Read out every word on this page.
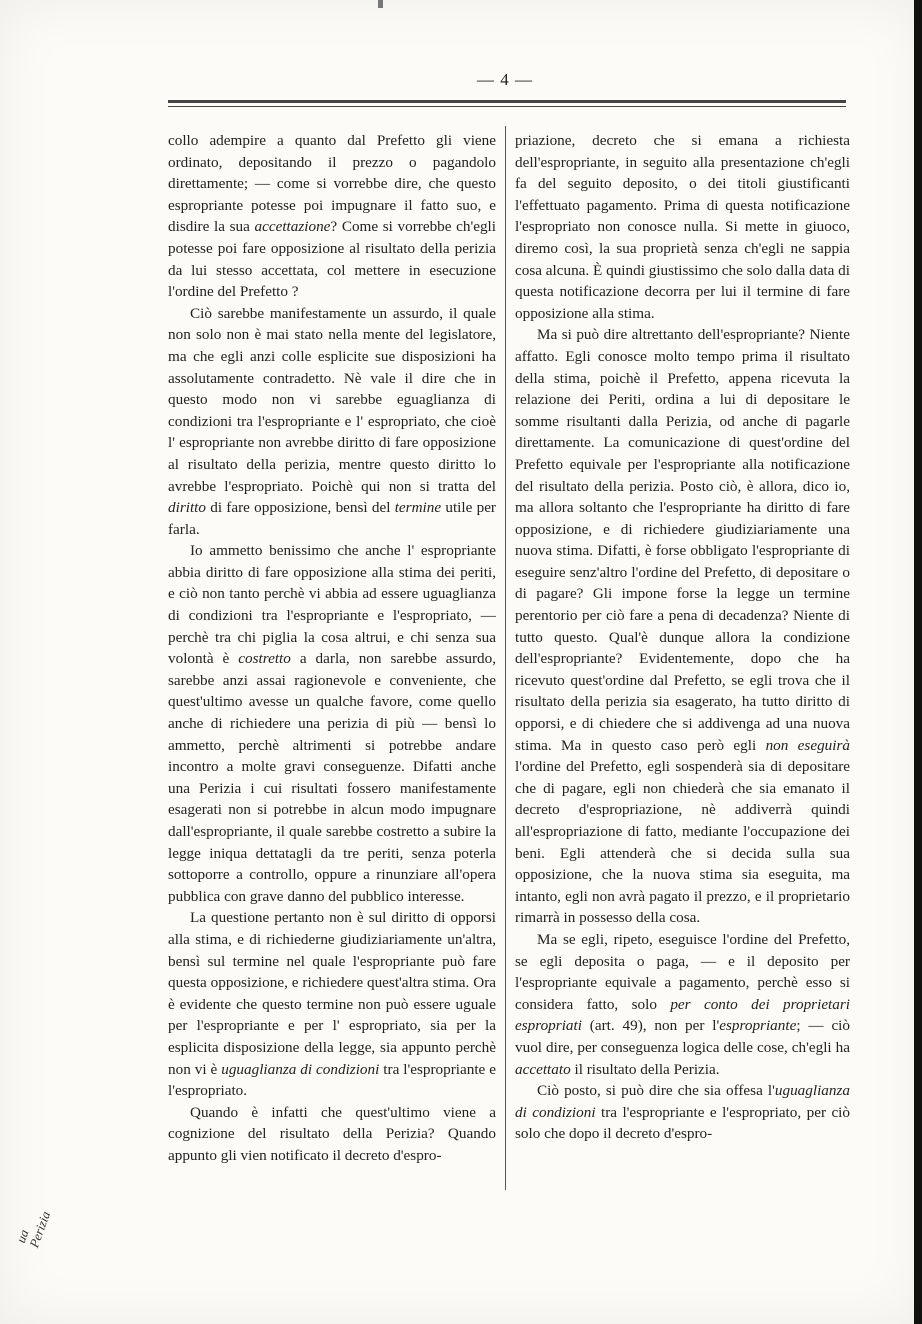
— 4 —

collo adempire a quanto dal Prefetto gli viene ordinato, depositando il prezzo o pagandolo direttamente; — come si vorrebbe dire, che questo espropriante potesse poi impugnare il fatto suo, e disdire la sua accettazione? Come si vorrebbe ch'egli potesse poi fare opposizione al risultato della perizia da lui stesso accettata, col mettere in esecuzione l'ordine del Prefetto ?

Ciò sarebbe manifestamente un assurdo, il quale non solo non è mai stato nella mente del legislatore, ma che egli anzi colle esplicite sue disposizioni ha assolutamente contradetto. Nè vale il dire che in questo modo non vi sarebbe eguaglianza di condizioni tra l'espropriante e l' espropriato, che cioè l' espropriante non avrebbe diritto di fare opposizione al risultato della perizia, mentre questo diritto lo avrebbe l'espropriato. Poichè qui non si tratta del diritto di fare opposizione, bensì del termine utile per farla.

Io ammetto benissimo che anche l' espropriante abbia diritto di fare opposizione alla stima dei periti, e ciò non tanto perchè vi abbia ad essere uguaglianza di condizioni tra l'espropriante e l'espropriato, — perchè tra chi piglia la cosa altrui, e chi senza sua volontà è costretto a darla, non sarebbe assurdo, sarebbe anzi assai ragionevole e conveniente, che quest'ultimo avesse un qualche favore, come quello anche di richiedere una perizia di più — bensì lo ammetto, perchè altrimenti si potrebbe andare incontro a molte gravi conseguenze. Difatti anche una Perizia i cui risultati fossero manifestamente esagerati non si potrebbe in alcun modo impugnare dall'espropriante, il quale sarebbe costretto a subire la legge iniqua dettatagli da tre periti, senza poterla sottoporre a controllo, oppure a rinunziare all'opera pubblica con grave danno del pubblico interesse.

La questione pertanto non è sul diritto di opporsi alla stima, e di richiederne giudiziariamente un'altra, bensì sul termine nel quale l'espropriante può fare questa opposizione, e richiedere quest'altra stima. Ora è evidente che questo termine non può essere uguale per l'espropriante e per l' espropriato, sia per la esplicita disposizione della legge, sia appunto perchè non vi è uguaglianza di condizioni tra l'espropriante e l'espropriato.

Quando è infatti che quest'ultimo viene a cognizione del risultato della Perizia? Quando appunto gli vien notificato il decreto d'espro-

priazione, decreto che si emana a richiesta dell'espropriante, in seguito alla presentazione ch'egli fa del seguito deposito, o dei titoli giustificanti l'effettuato pagamento. Prima di questa notificazione l'espropriato non conosce nulla. Si mette in giuoco, diremo così, la sua proprietà senza ch'egli ne sappia cosa alcuna. È quindi giustissimo che solo dalla data di questa notificazione decorra per lui il termine di fare opposizione alla stima.

Ma si può dire altrettanto dell'espropriante? Niente affatto. Egli conosce molto tempo prima il risultato della stima, poichè il Prefetto, appena ricevuta la relazione dei Periti, ordina a lui di depositare le somme risultanti dalla Perizia, od anche di pagarle direttamente. La comunicazione di quest'ordine del Prefetto equivale per l'espropriante alla notificazione del risultato della perizia. Posto ciò, è allora, dico io, ma allora soltanto che l'espropriante ha diritto di fare opposizione, e di richiedere giudiziariamente una nuova stima. Difatti, è forse obbligato l'espropriante di eseguire senz'altro l'ordine del Prefetto, di depositare o di pagare? Gli impone forse la legge un termine perentorio per ciò fare a pena di decadenza? Niente di tutto questo. Qual'è dunque allora la condizione dell'espropriante? Evidentemente, dopo che ha ricevuto quest'ordine dal Prefetto, se egli trova che il risultato della perizia sia esagerato, ha tutto diritto di opporsi, e di chiedere che si addivenga ad una nuova stima. Ma in questo caso però egli non eseguirà l'ordine del Prefetto, egli sospenderà sia di depositare che di pagare, egli non chiederà che sia emanato il decreto d'espropriazione, nè addiverrà quindi all'espropriazione di fatto, mediante l'occupazione dei beni. Egli attenderà che si decida sulla sua opposizione, che la nuova stima sia eseguita, ma intanto, egli non avrà pagato il prezzo, e il proprietario rimarrà in possesso della cosa.

Ma se egli, ripeto, eseguisce l'ordine del Prefetto, se egli deposita o paga, — e il deposito per l'espropriante equivale a pagamento, perchè esso si considera fatto, solo per conto dei proprietari espropriati (art. 49), non per l'espropriante; — ciò vuol dire, per conseguenza logica delle cose, ch'egli ha accettato il risultato della Perizia.

Ciò posto, si può dire che sia offesa l'uguaglianza di condizioni tra l'espropriante e l'espropriato, per ciò solo che dopo il decreto d'espro-

ua
Perizia
